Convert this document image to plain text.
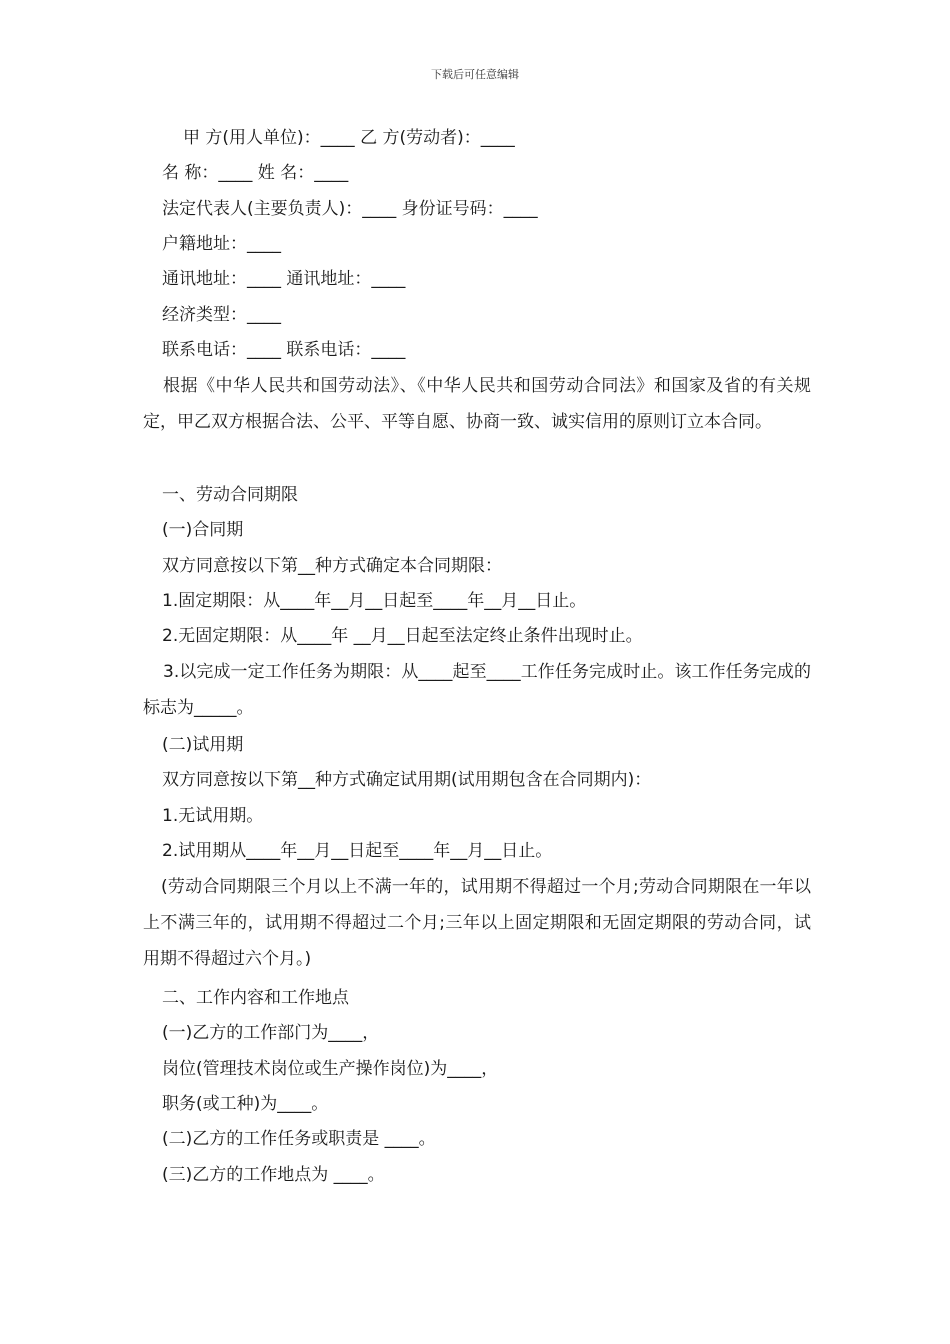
下载后可任意编辑
甲 方(用人单位)：____ 乙 方(劳动者)：____
名 称：____ 姓 名：____
法定代表人(主要负责人)：____ 身份证号码：____
户籍地址：____
通讯地址：____ 通讯地址：____
经济类型：____
联系电话：____ 联系电话：____
根据《中华人民共和国劳动法》、《中华人民共和国劳动合同法》和国家及省的有关规定，甲乙双方根据合法、公平、平等自愿、协商一致、诚实信用的原则订立本合同。
一、劳动合同期限
(一)合同期
双方同意按以下第__种方式确定本合同期限：
1.固定期限：从____年__月__日起至____年__月__日止。
2.无固定期限：从____年 __月__日起至法定终止条件出现时止。
3.以完成一定工作任务为期限：从____起至____工作任务完成时止。该工作任务完成的标志为_____。
(二)试用期
双方同意按以下第__种方式确定试用期(试用期包含在合同期内)：
1.无试用期。
2.试用期从____年__月__日起至____年__月__日止。
(劳动合同期限三个月以上不满一年的，试用期不得超过一个月;劳动合同期限在一年以上不满三年的，试用期不得超过二个月;三年以上固定期限和无固定期限的劳动合同，试用期不得超过六个月。)
二、工作内容和工作地点
(一)乙方的工作部门为____，
岗位(管理技术岗位或生产操作岗位)为____，
职务(或工种)为____。
(二)乙方的工作任务或职责是 ____。
(三)乙方的工作地点为 ____。
